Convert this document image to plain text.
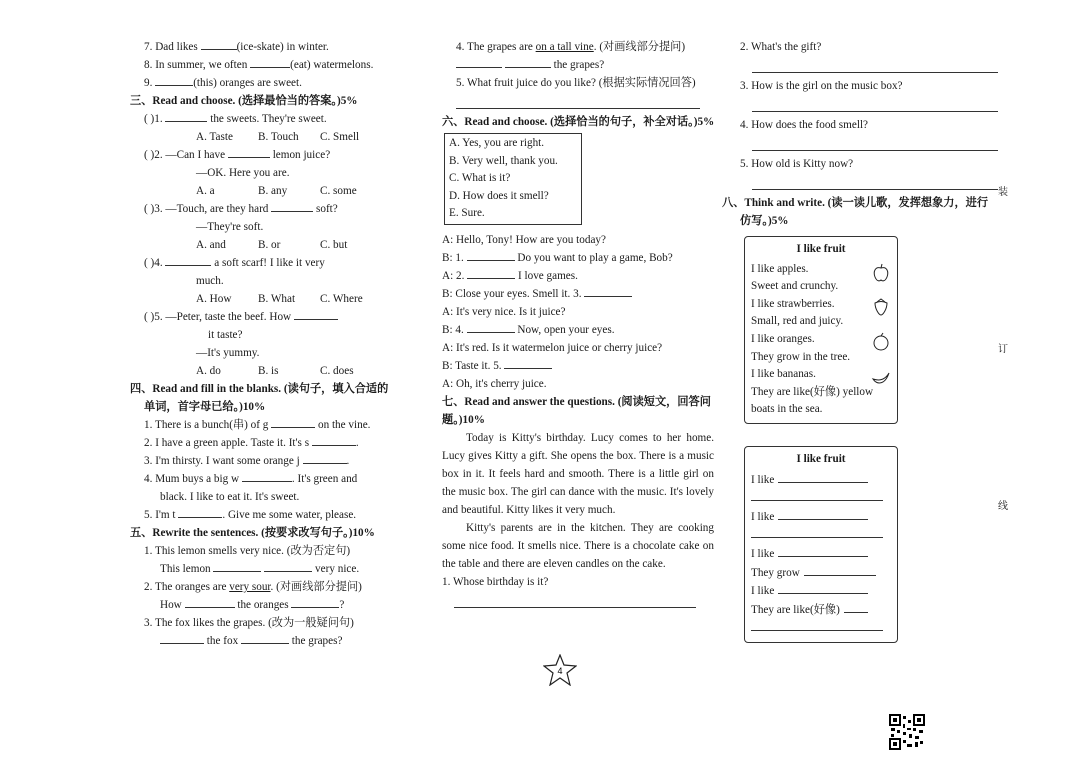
7. Dad likes	(ice-skate) in winter.
8. In summer, we often	(eat) watermelons.
9.	(this) oranges are sweet.
三、Read and choose. (选择最恰当的答案。)5%
( )1.	the sweets. They're sweet.
A. Taste B. Touch C. Smell
( )2. —Can I have	lemon juice?
—OK. Here you are.
A. a	B. any	C. some
( )3. —Touch, are they hard	soft?
—They're soft.
A. and	B. or	C. but
( )4.	a soft scarf! I like it very
much.
A. How B. What C. Where
( )5. —Peter, taste the beef. How
it taste?
—It's yummy.
A. do	B. is	C. does
四、Read and fill in the blanks. (读句子，填入合适的
单词，首字母已给。)10%
1. There is a bunch(串) of g	on the vine.
2. I have a green apple. Taste it. It's s	.
3. I'm thirsty. I want some orange j	.
4. Mum buys a big w	. It's green and
black. I like to eat it. It's sweet.
5. I'm t	. Give me some water, please.
五、Rewrite the sentences. (按要求改写句子。)10%
1. This lemon smells very nice. (改为否定句)
This lemon	very nice.
2. The oranges are very sour. (对画线部分提问)
How	the oranges	?
3. The fox likes the grapes. (改为一般疑问句)
the fox	the grapes?
4. The grapes are on a tall vine. (对画线部分提问)
the grapes?
5. What fruit juice do you like? (根据实际情况回答)
六、Read and choose. (选择恰当的句子，补全对话。)5%
A. Yes, you are right.
B. Very well, thank you.
C. What is it?
D. How does it smell?
E. Sure.
A: Hello, Tony! How are you today?
B: 1.	Do you want to play a game, Bob?
A: 2.	I love games.
B: Close your eyes. Smell it. 3.
A: It's very nice. Is it juice?
B: 4.	Now, open your eyes.
A: It's red. Is it watermelon juice or cherry juice?
B: Taste it. 5.
A: Oh, it's cherry juice.
七、Read and answer the questions. (阅读短文，回答问
题。)10%
Today is Kitty's birthday. Lucy comes to her home. Lucy gives Kitty a gift. She opens the box. There is a music box in it. It feels hard and smooth. There is a little girl on the music box. The girl can dance with the music. It's lovely and beautiful. Kitty likes it very much.
Kitty's parents are in the kitchen. They are cooking some nice food. It smells nice. There is a chocolate cake on the table and there are eleven candles on the cake.
1. Whose birthday is it?
2. What's the gift?
3. How is the girl on the music box?
4. How does the food smell?
5. How old is Kitty now?
八、Think and write. (读一读儿歌，发挥想象力，进行
仿写。)5%
I like fruit
I like apples.
Sweet and crunchy.
I like strawberries.
Small, red and juicy.
I like oranges.
They grow in the tree.
I like bananas.
They are like(好像) yellow
boats in the sea.
I like fruit
I like
I like
I like
They grow
I like
They are like(好像)
装
订
线
4
